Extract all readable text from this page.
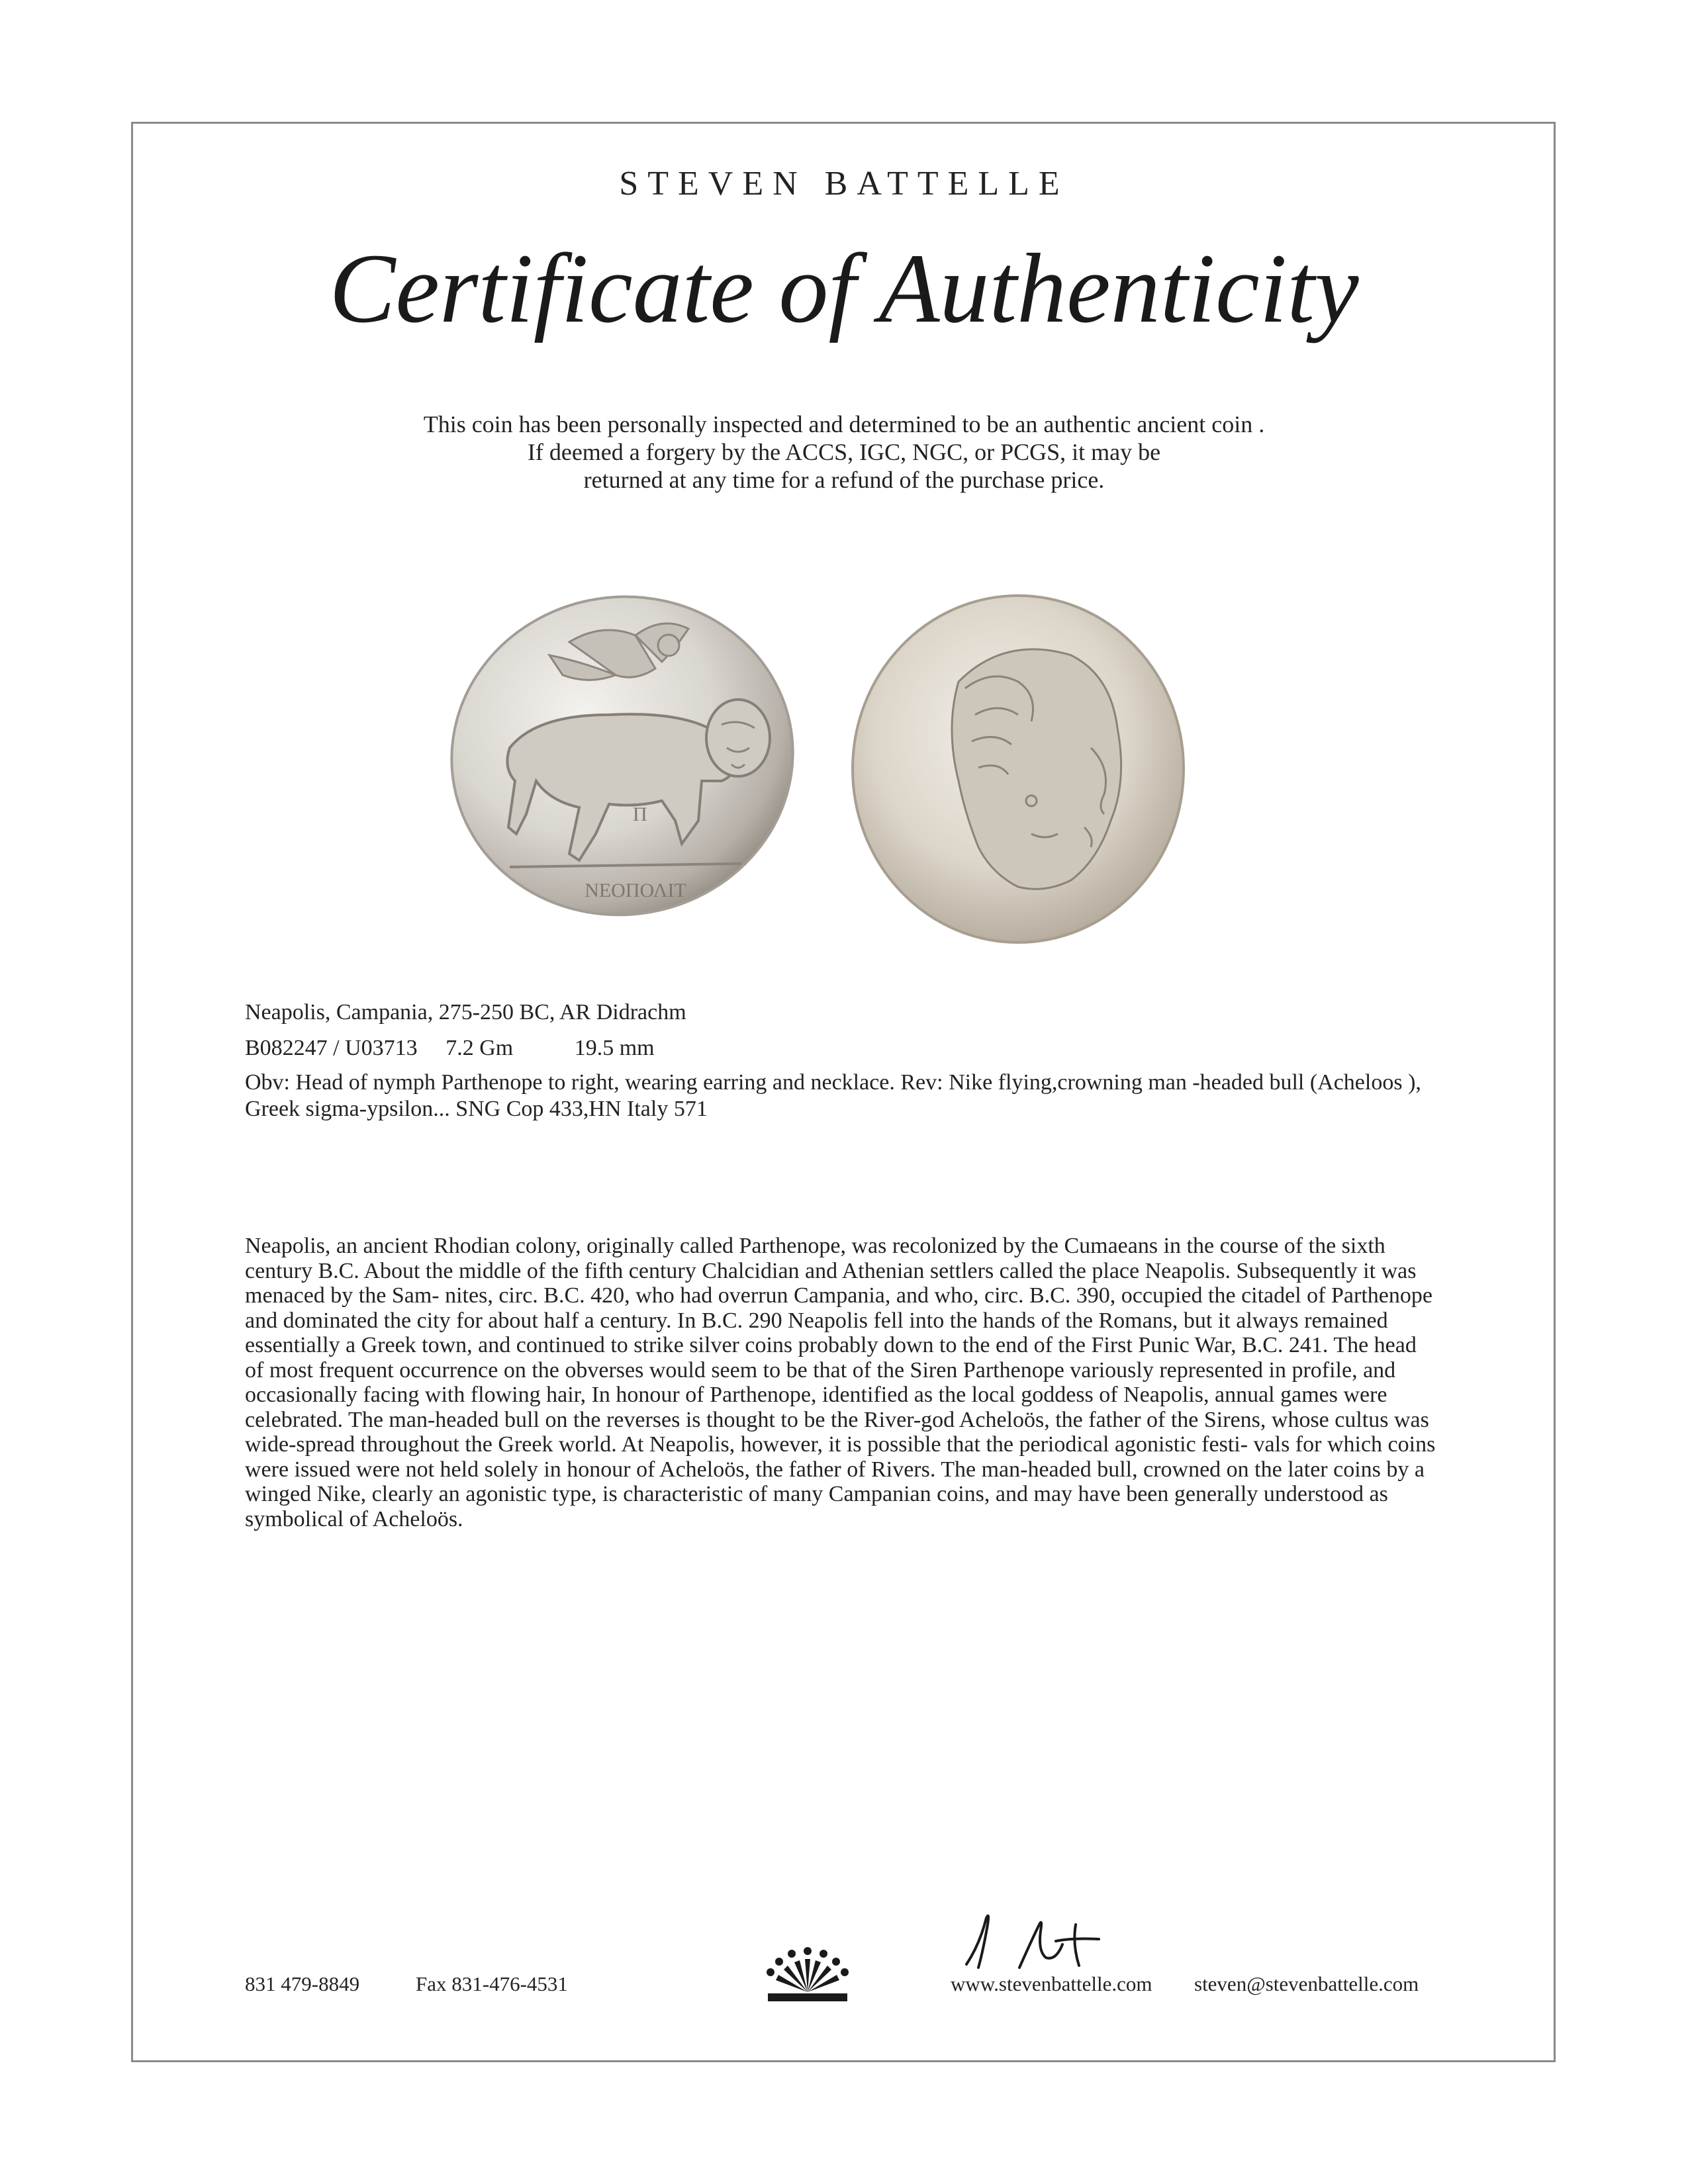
STEVEN BATTELLE
Certificate of Authenticity
This coin has been personally inspected and determined to be an authentic ancient coin .
If deemed a forgery by the ACCS, IGC, NGC, or PCGS, it may be
returned at any time for a refund of the purchase price.
ΝΕΟΠΟΛΙΤ
Π
Neapolis, Campania, 275-250 BC, AR Didrachm
B082247 / U03713 7.2 Gm	19.5 mm
Obv: Head of nymph Parthenope to right, wearing earring and necklace. Rev: Nike flying,crowning man -headed bull (Acheloos ), Greek sigma-ypsilon... SNG Cop 433,HN Italy 571

Neapolis, an ancient Rhodian colony, originally called Parthenope, was recolonized by the Cumaeans in the course of the sixth century B.C. About the middle of the fifth century Chalcidian and Athenian settlers called the place Neapolis. Subsequently it was menaced by the Sam- nites, circ. B.C. 420, who had overrun Campania, and who, circ. B.C. 390, occupied the citadel of Parthenope and dominated the city for about half a century. In B.C. 290 Neapolis fell into the hands of the Romans, but it always remained essentially a Greek town, and continued to strike silver coins probably down to the end of the First Punic War, B.C. 241. The head of most frequent occurrence on the obverses would seem to be that of the Siren Parthenope variously represented in profile, and occasionally facing with flowing hair, In honour of Parthenope, identified as the local goddess of Neapolis, annual games were celebrated. The man-headed bull on the reverses is thought to be the River-god Acheloös, the father of the Sirens, whose cultus was wide-spread throughout the Greek world. At Neapolis, however, it is possible that the periodical agonistic festi- vals for which coins were issued were not held solely in honour of Acheloös, the father of Rivers. The man-headed bull, crowned on the later coins by a winged Nike, clearly an agonistic type, is characteristic of many Campanian coins, and may have been generally understood as symbolical of Acheloös.

831 479-8849	Fax 831-476-4531	www.stevenbattelle.com steven@stevenbattelle.com
